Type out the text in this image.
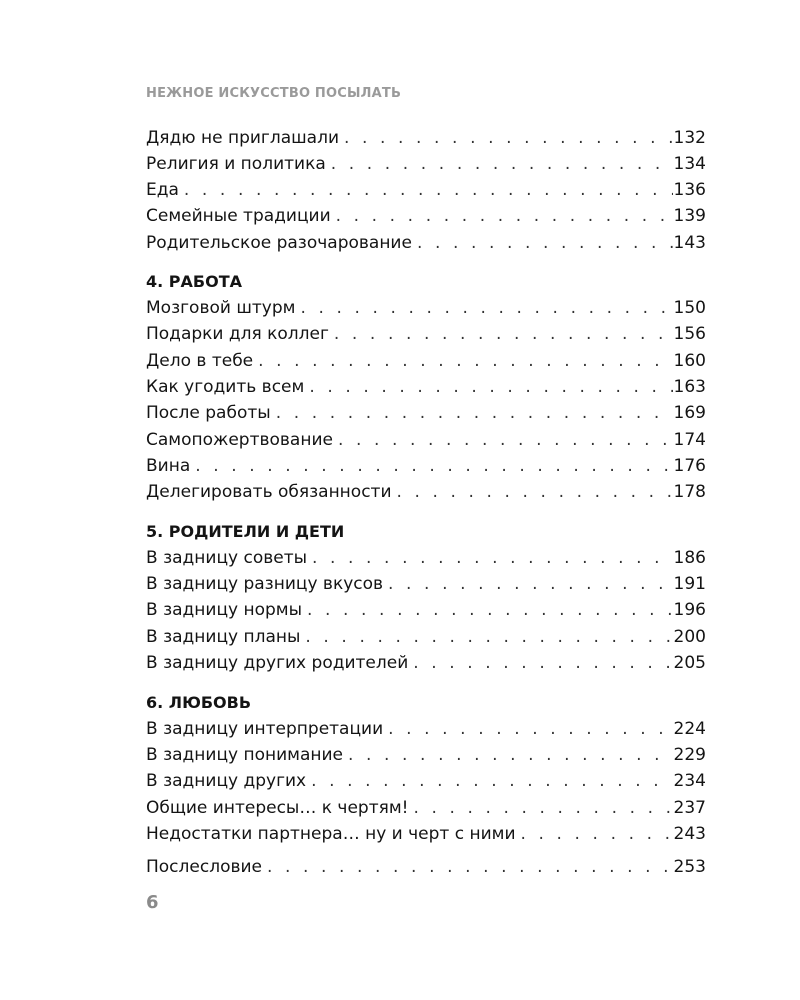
НЕЖНОЕ ИСКУССТВО ПОСЫЛАТЬ
Дядю не приглашали . . .	132
Религия и политика . . .	134
Еда . . .	136
Семейные традиции . . .	139
Родительское разочарование . . .	143
4. РАБОТА
Мозговой штурм . . .	150
Подарки для коллег . . .	156
Дело в тебе . . .	160
Как угодить всем . . .	163
После работы . . .	169
Самопожертвование . . .	174
Вина . . .	176
Делегировать обязанности . . .	178
5. РОДИТЕЛИ И ДЕТИ
В задницу советы . . .	186
В задницу разницу вкусов . . .	191
В задницу нормы . . .	196
В задницу планы . . .	200
В задницу других родителей . . .	205
6. ЛЮБОВЬ
В задницу интерпретации . . .	224
В задницу понимание . . .	229
В задницу других . . .	234
Общие интересы… к чертям! . . .	237
Недостатки партнера… ну и черт с ними . . .	243
Послесловие . . .	253
6
